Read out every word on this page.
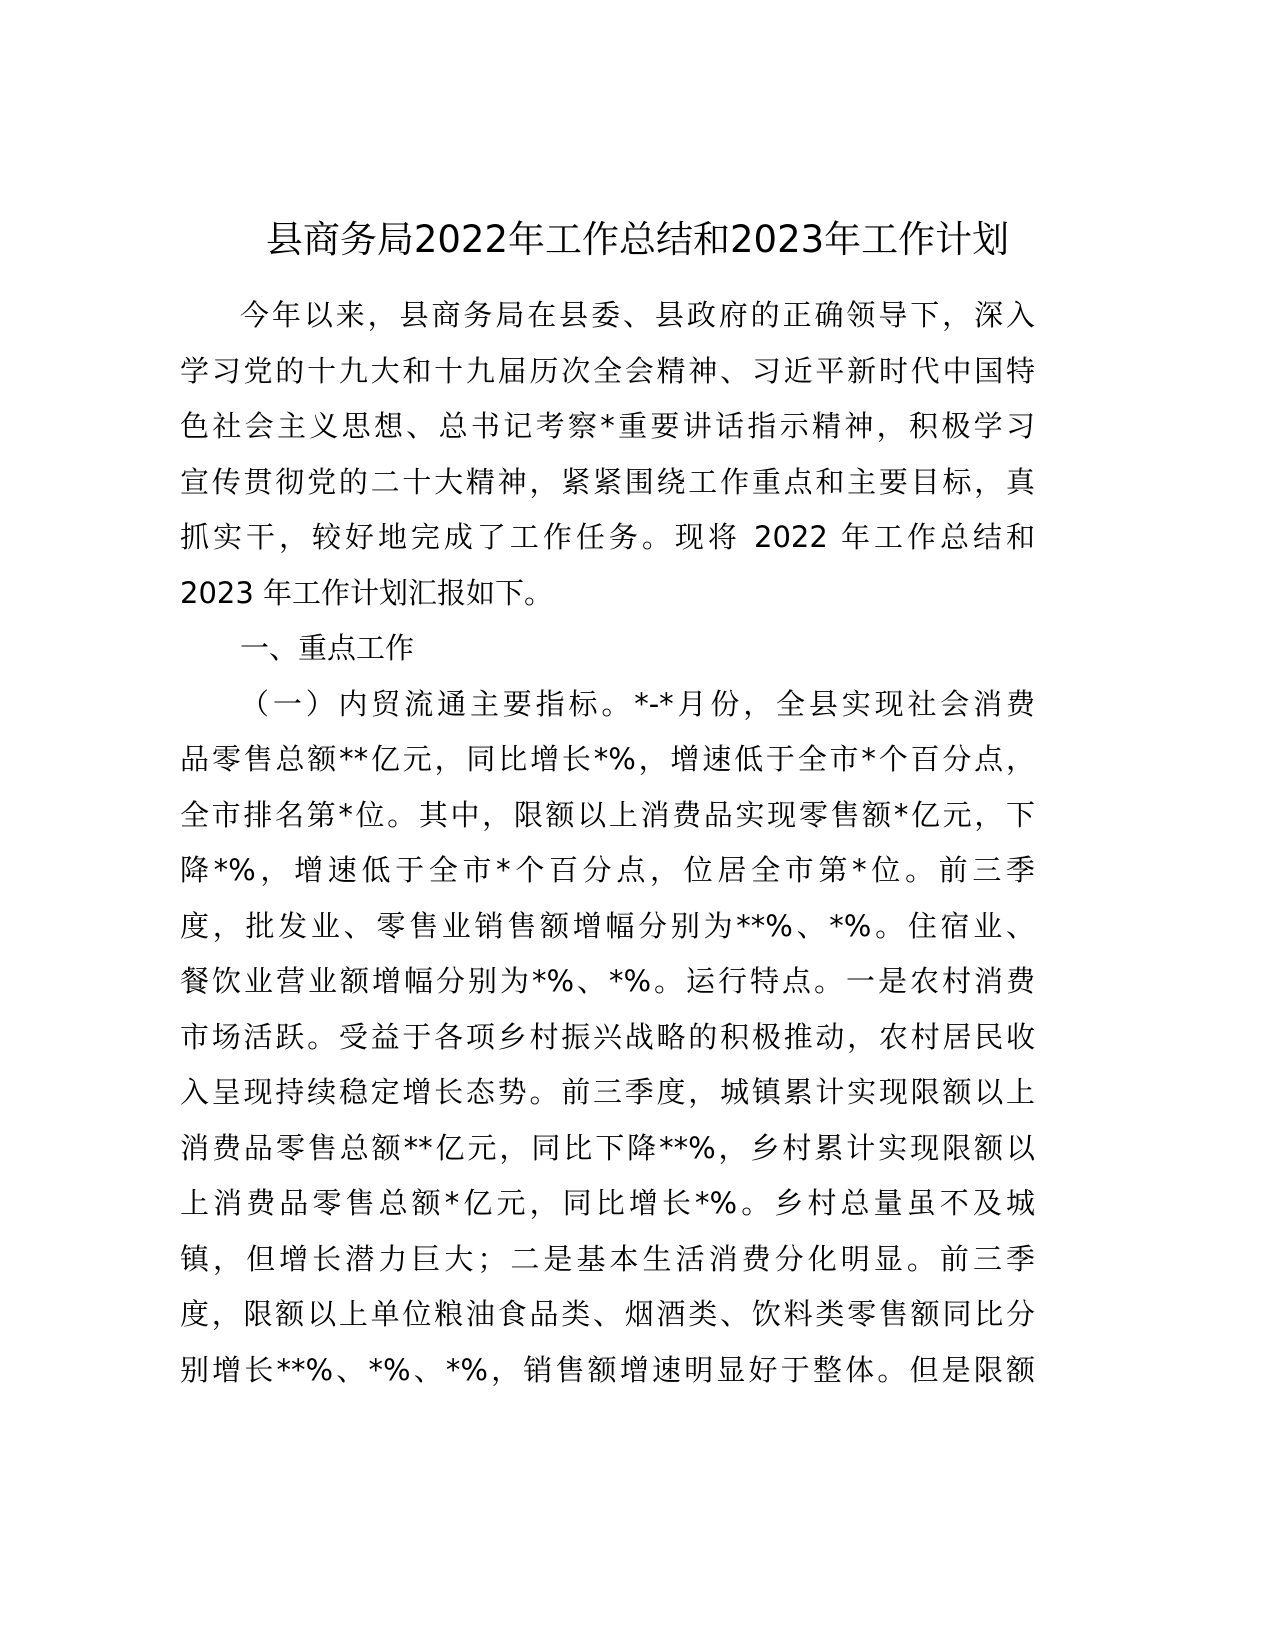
县商务局2022年工作总结和2023年工作计划
今年以来，县商务局在县委、县政府的正确领导下，深入
学习党的十九大和十九届历次全会精神、习近平新时代中国特
色社会主义思想、总书记考察*重要讲话指示精神，积极学习
宣传贯彻党的二十大精神，紧紧围绕工作重点和主要目标，真
抓实干，较好地完成了工作任务。现将 2022 年工作总结和
2023 年工作计划汇报如下。
一、重点工作
（一）内贸流通主要指标。*-*月份，全县实现社会消费
品零售总额**亿元，同比增长*%，增速低于全市*个百分点，
全市排名第*位。其中，限额以上消费品实现零售额*亿元，下
降*%，增速低于全市*个百分点，位居全市第*位。前三季
度，批发业、零售业销售额增幅分别为**%、*%。住宿业、
餐饮业营业额增幅分别为*%、*%。运行特点。一是农村消费
市场活跃。受益于各项乡村振兴战略的积极推动，农村居民收
入呈现持续稳定增长态势。前三季度，城镇累计实现限额以上
消费品零售总额**亿元，同比下降**%，乡村累计实现限额以
上消费品零售总额*亿元，同比增长*%。乡村总量虽不及城
镇，但增长潜力巨大；二是基本生活消费分化明显。前三季
度，限额以上单位粮油食品类、烟酒类、饮料类零售额同比分
别增长**%、*%、*%，销售额增速明显好于整体。但是限额
